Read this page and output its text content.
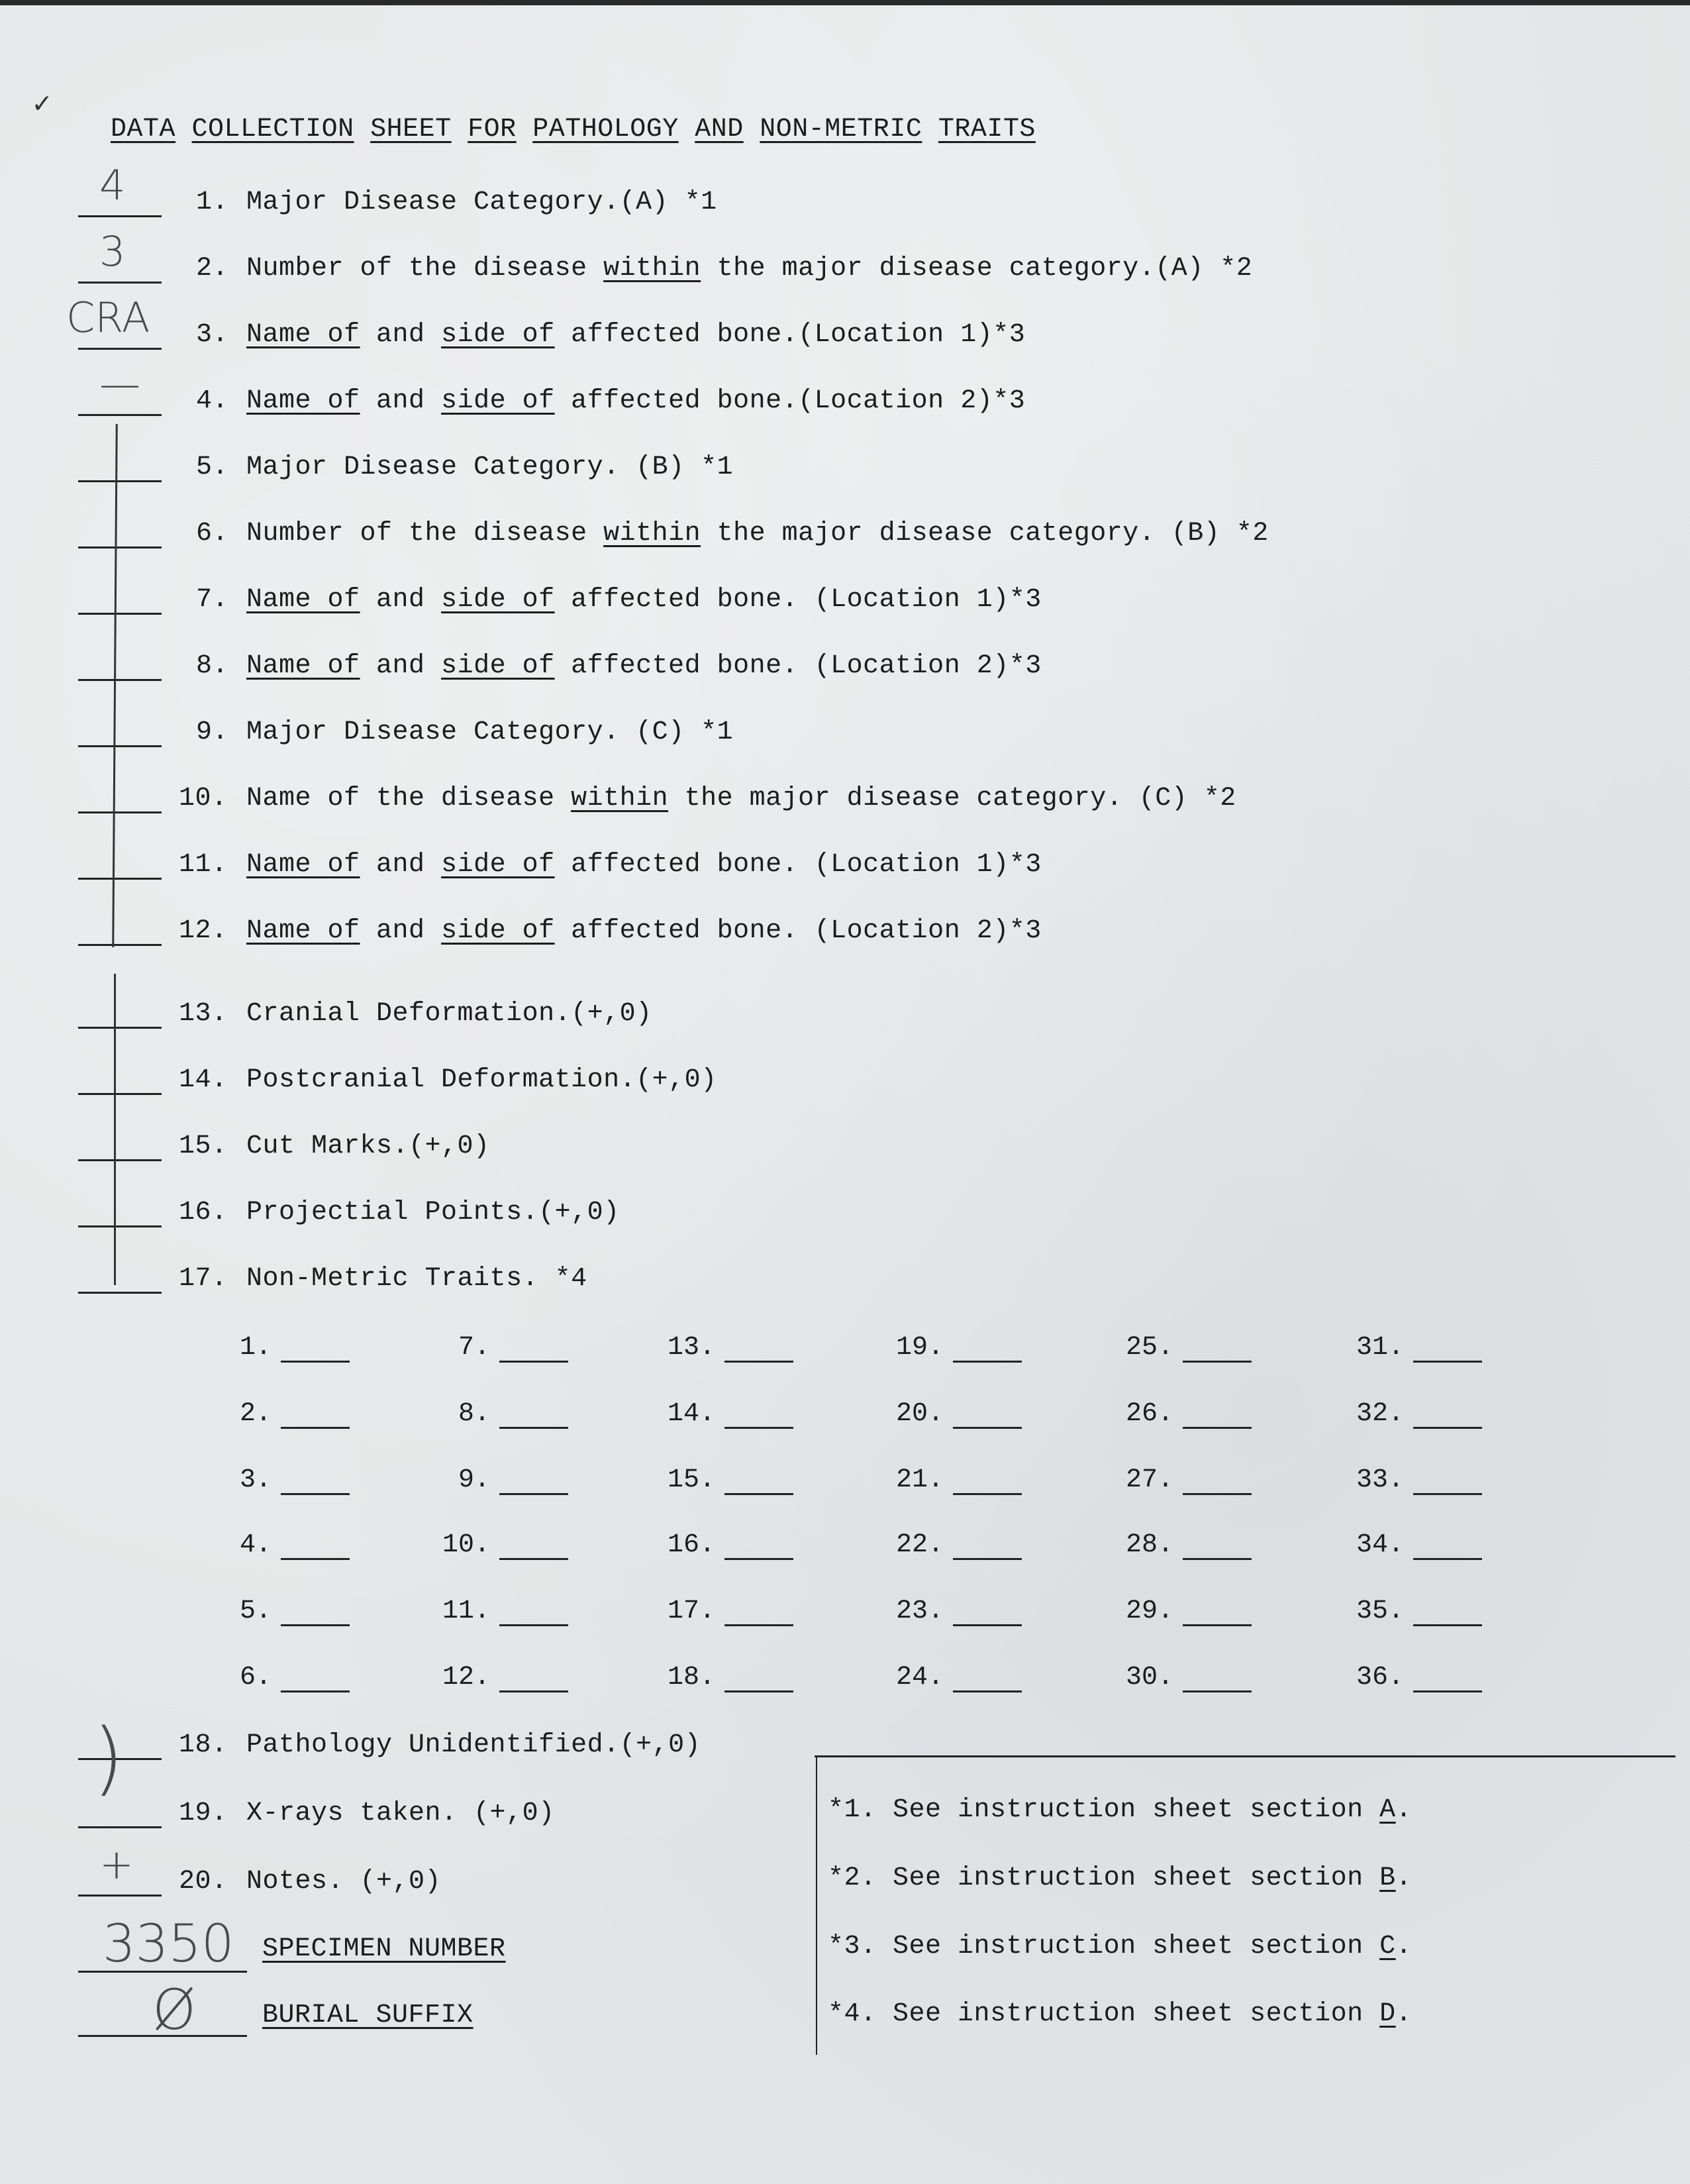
✓

DATA COLLECTION SHEET FOR PATHOLOGY AND NON-METRIC TRAITS

4	1. Major Disease Category.(A) *1
3	2. Number of the disease within the major disease category.(A) *2
CRA 3. Name of and side of affected bone.(Location 1)*3
— 4. Name of and side of affected bone.(Location 2)*3
5. Major Disease Category. (B) *1
6. Number of the disease within the major disease category. (B) *2
7. Name of and side of affected bone. (Location 1)*3
8. Name of and side of affected bone. (Location 2)*3
9. Major Disease Category. (C) *1
10. Name of the disease within the major disease category. (C) *2
11. Name of and side of affected bone. (Location 1)*3
12. Name of and side of affected bone. (Location 2)*3
13. Cranial Deformation.(+,0)
14. Postcranial Deformation.(+,0)
15. Cut Marks.(+,0)
16. Projectial Points.(+,0)
17. Non-Metric Traits. *4
18. Pathology Unidentified.(+,0)
19. X-rays taken. (+,0)
+ 20. Notes. (+,0)
)
1.
2.
3.
4.
5.
6.
7.
8.
9.
10.
11.
12.
13.
14.
15.
16.
17.
18.
19.
20.
21.
22.
23.
24.
25.
26.
27.
28.
29.
30.
31.
32.
33.
34.
35.
36.
3350 SPECIMEN NUMBER
Ø BURIAL SUFFIX
*1. See instruction sheet section A.
*2. See instruction sheet section B.
*3. See instruction sheet section C.
*4. See instruction sheet section D.
